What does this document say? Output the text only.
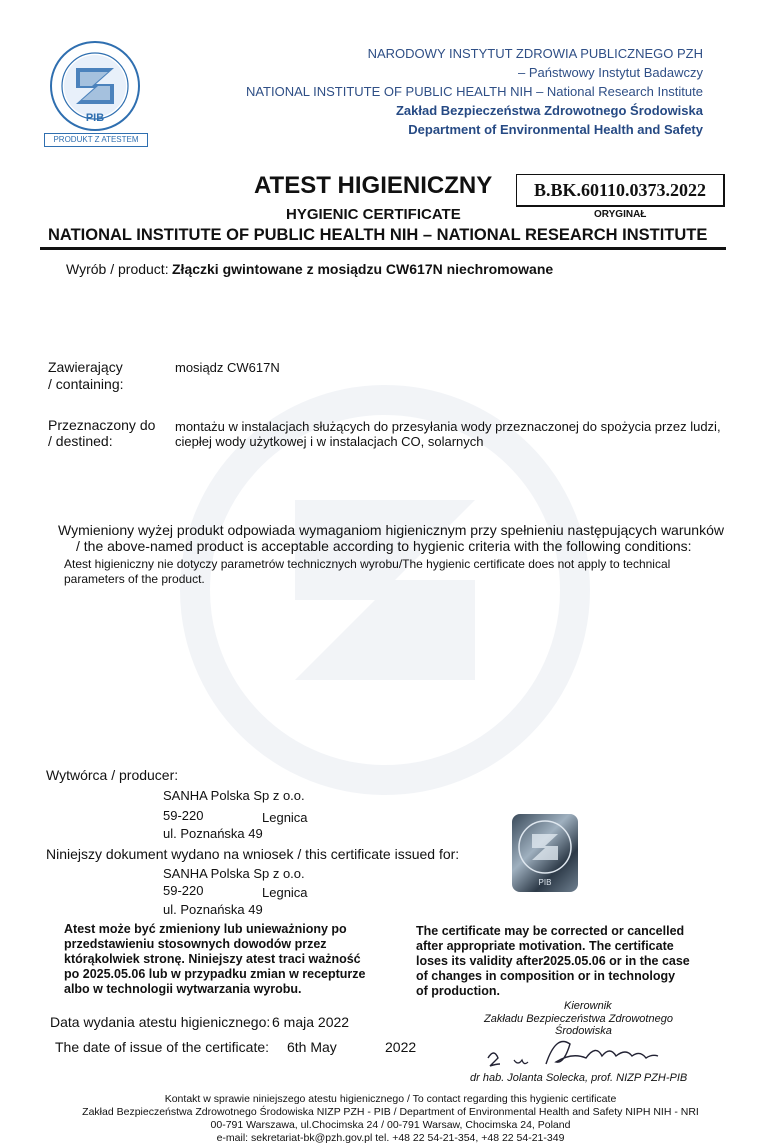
PIB
PRODUKT Z ATESTEM
NARODOWY INSTYTUT ZDROWIA PUBLICZNEGO PZH
– Państwowy Instytut Badawczy
NATIONAL INSTITUTE OF PUBLIC HEALTH NIH – National Research Institute
Zakład Bezpieczeństwa Zdrowotnego Środowiska
Department of Environmental Health and Safety
ATEST HIGIENICZNY	B.BK.60110.0373.2022
HYGIENIC CERTIFICATE	ORYGINAŁ
NATIONAL INSTITUTE OF PUBLIC HEALTH NIH – NATIONAL RESEARCH INSTITUTE
Wyrób / product: Złączki gwintowane z mosiądzu CW617N niechromowane
Zawierający
/ containing:
mosiądz CW617N
Przeznaczony do
/ destined:
montażu w instalacjach służących do przesyłania wody przeznaczonej do spożycia przez ludzi,
ciepłej wody użytkowej i w instalacjach CO, solarnych
Wymieniony wyżej produkt odpowiada wymaganiom higienicznym przy spełnieniu następujących warunków
/ the above-named product is acceptable according to hygienic criteria with the following conditions:
Atest higieniczny nie dotyczy parametrów technicznych wyrobu/The hygienic certificate does not apply to technical
parameters of the product.
Wytwórca / producer:
SANHA Polska Sp z o.o.
59-220	Legnica
ul. Poznańska 49
PIB
Niniejszy dokument wydano na wniosek / this certificate issued for:
SANHA Polska Sp z o.o.
59-220	Legnica
ul. Poznańska 49
Atest może być zmieniony lub unieważniony po
przedstawieniu stosownych dowodów przez
którąkolwiek stronę. Niniejszy atest traci ważność
po 2025.05.06 lub w przypadku zmian w recepturze
albo w technologii wytwarzania wyrobu.
The certificate may be corrected or cancelled
after appropriate motivation. The certificate
loses its validity after2025.05.06 or in the case
of changes in composition or in technology
of production.
Data wydania atestu higienicznego: 6 maja 2022
The date of issue of the certificate: 6th May	2022
Kierownik
Zakładu Bezpieczeństwa Zdrowotnego
Środowiska
dr hab. Jolanta Solecka, prof. NIZP PZH-PIB
Kontakt w sprawie niniejszego atestu higienicznego / To contact regarding this hygienic certificate
Zakład Bezpieczeństwa Zdrowotnego Środowiska NIZP PZH - PIB / Department of Environmental Health and Safety NIPH NIH - NRI
00-791 Warszawa, ul.Chocimska 24 / 00-791 Warsaw, Chocimska 24, Poland
e-mail: sekretariat-bk@pzh.gov.pl tel. +48 22 54-21-354, +48 22 54-21-349
